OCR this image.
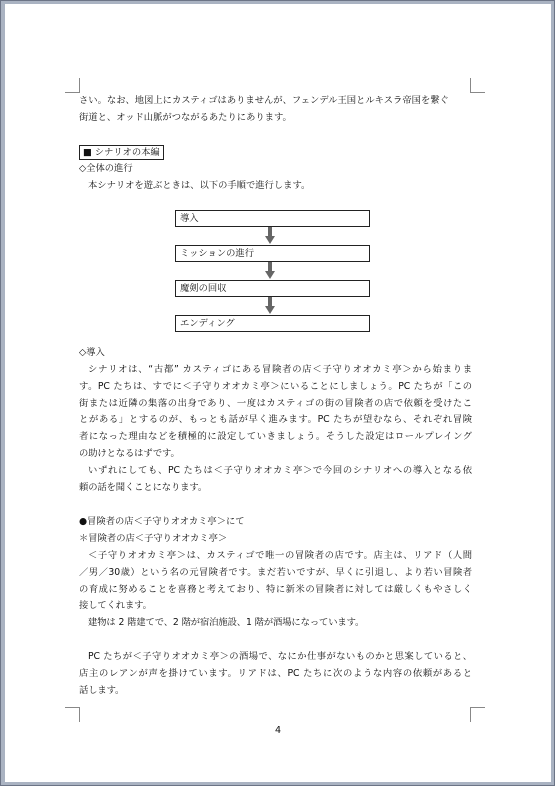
さい。なお、地図上にカスティゴはありませんが、フェンデル王国とルキスラ帝国を繋ぐ
街道と、オッド山脈がつながるあたりにあります。
■ シナリオの本編
◇全体の進行
本シナリオを遊ぶときは、以下の手順で進行します。
導入
ミッションの進行
魔剣の回収
エンディング
◇導入

シナリオは、“古都” カスティゴにある冒険者の店＜子守りオオカミ亭＞から始まりま

す。PC たちは、すでに＜子守りオオカミ亭＞にいることにしましょう。PC たちが「この

街または近隣の集落の出身であり、一度はカスティゴの街の冒険者の店で依頼を受けたこ

とがある」とするのが、もっとも話が早く進みます。PC たちが望むなら、それぞれ冒険

者になった理由などを積極的に設定していきましょう。そうした設定はロールプレイング

の助けとなるはずです。

いずれにしても、PC たちは＜子守りオオカミ亭＞で今回のシナリオへの導入となる依

頼の話を聞くことになります。

●冒険者の店＜子守りオオカミ亭＞にて
＊冒険者の店＜子守りオオカミ亭＞

＜子守りオオカミ亭＞は、カスティゴで唯一の冒険者の店です。店主は、リアド（人間

／男／30歳）という名の元冒険者です。まだ若いですが、早くに引退し、より若い冒険者

の育成に努めることを喜務と考えており、特に新米の冒険者に対しては厳しくもやさしく

接してくれます。

建物は 2 階建てで、2 階が宿泊施設、1 階が酒場になっています。

PC たちが＜子守りオオカミ亭＞の酒場で、なにか仕事がないものかと思案していると、

店主のレアンが声を掛けています。リアドは、PC たちに次のような内容の依頼があると

話します。

4
